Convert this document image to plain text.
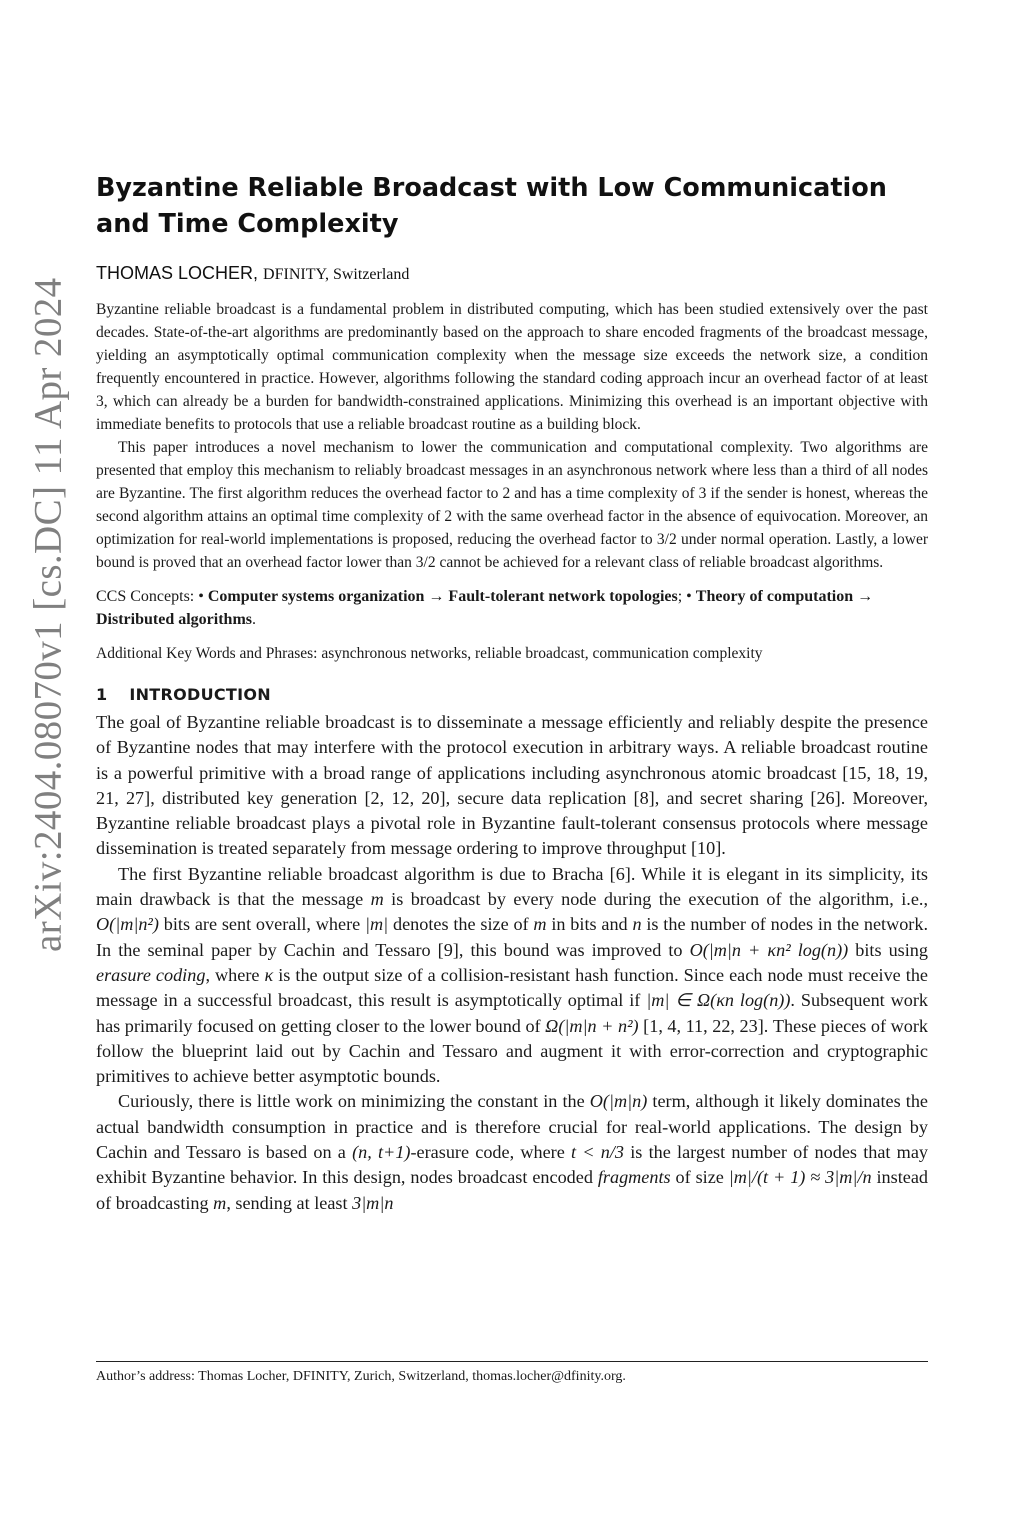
arXiv:2404.08070v1 [cs.DC] 11 Apr 2024
Byzantine Reliable Broadcast with Low Communication and Time Complexity
THOMAS LOCHER, DFINITY, Switzerland

Byzantine reliable broadcast is a fundamental problem in distributed computing, which has been studied extensively over the past decades. State-of-the-art algorithms are predominantly based on the approach to share encoded fragments of the broadcast message, yielding an asymptotically optimal communication complexity when the message size exceeds the network size, a condition frequently encountered in practice. However, algorithms following the standard coding approach incur an overhead factor of at least 3, which can already be a burden for bandwidth-constrained applications. Minimizing this overhead is an important objective with immediate benefits to protocols that use a reliable broadcast routine as a building block.

This paper introduces a novel mechanism to lower the communication and computational complexity. Two algorithms are presented that employ this mechanism to reliably broadcast messages in an asynchronous network where less than a third of all nodes are Byzantine. The first algorithm reduces the overhead factor to 2 and has a time complexity of 3 if the sender is honest, whereas the second algorithm attains an optimal time complexity of 2 with the same overhead factor in the absence of equivocation. Moreover, an optimization for real-world implementations is proposed, reducing the overhead factor to 3/2 under normal operation. Lastly, a lower bound is proved that an overhead factor lower than 3/2 cannot be achieved for a relevant class of reliable broadcast algorithms.

CCS Concepts: • Computer systems organization → Fault-tolerant network topologies; • Theory of computation → Distributed algorithms.
Additional Key Words and Phrases: asynchronous networks, reliable broadcast, communication complexity
1 INTRODUCTION

The goal of Byzantine reliable broadcast is to disseminate a message efficiently and reliably despite the presence of Byzantine nodes that may interfere with the protocol execution in arbitrary ways. A reliable broadcast routine is a powerful primitive with a broad range of applications including asynchronous atomic broadcast [15, 18, 19, 21, 27], distributed key generation [2, 12, 20], secure data replication [8], and secret sharing [26]. Moreover, Byzantine reliable broadcast plays a pivotal role in Byzantine fault-tolerant consensus protocols where message dissemination is treated separately from message ordering to improve throughput [10].

The first Byzantine reliable broadcast algorithm is due to Bracha [6]. While it is elegant in its simplicity, its main drawback is that the message m is broadcast by every node during the execution of the algorithm, i.e., O(|m|n²) bits are sent overall, where |m| denotes the size of m in bits and n is the number of nodes in the network. In the seminal paper by Cachin and Tessaro [9], this bound was improved to O(|m|n + κn² log(n)) bits using erasure coding, where κ is the output size of a collision-resistant hash function. Since each node must receive the message in a successful broadcast, this result is asymptotically optimal if |m| ∈ Ω(κn log(n)). Subsequent work has primarily focused on getting closer to the lower bound of Ω(|m|n + n²) [1, 4, 11, 22, 23]. These pieces of work follow the blueprint laid out by Cachin and Tessaro and augment it with error-correction and cryptographic primitives to achieve better asymptotic bounds.

Curiously, there is little work on minimizing the constant in the O(|m|n) term, although it likely dominates the actual bandwidth consumption in practice and is therefore crucial for real-world applications. The design by Cachin and Tessaro is based on a (n, t+1)-erasure code, where t < n/3 is the largest number of nodes that may exhibit Byzantine behavior. In this design, nodes broadcast encoded fragments of size |m|/(t + 1) ≈ 3|m|/n instead of broadcasting m, sending at least 3|m|n

Author’s address: Thomas Locher, DFINITY, Zurich, Switzerland, thomas.locher@dfinity.org.
